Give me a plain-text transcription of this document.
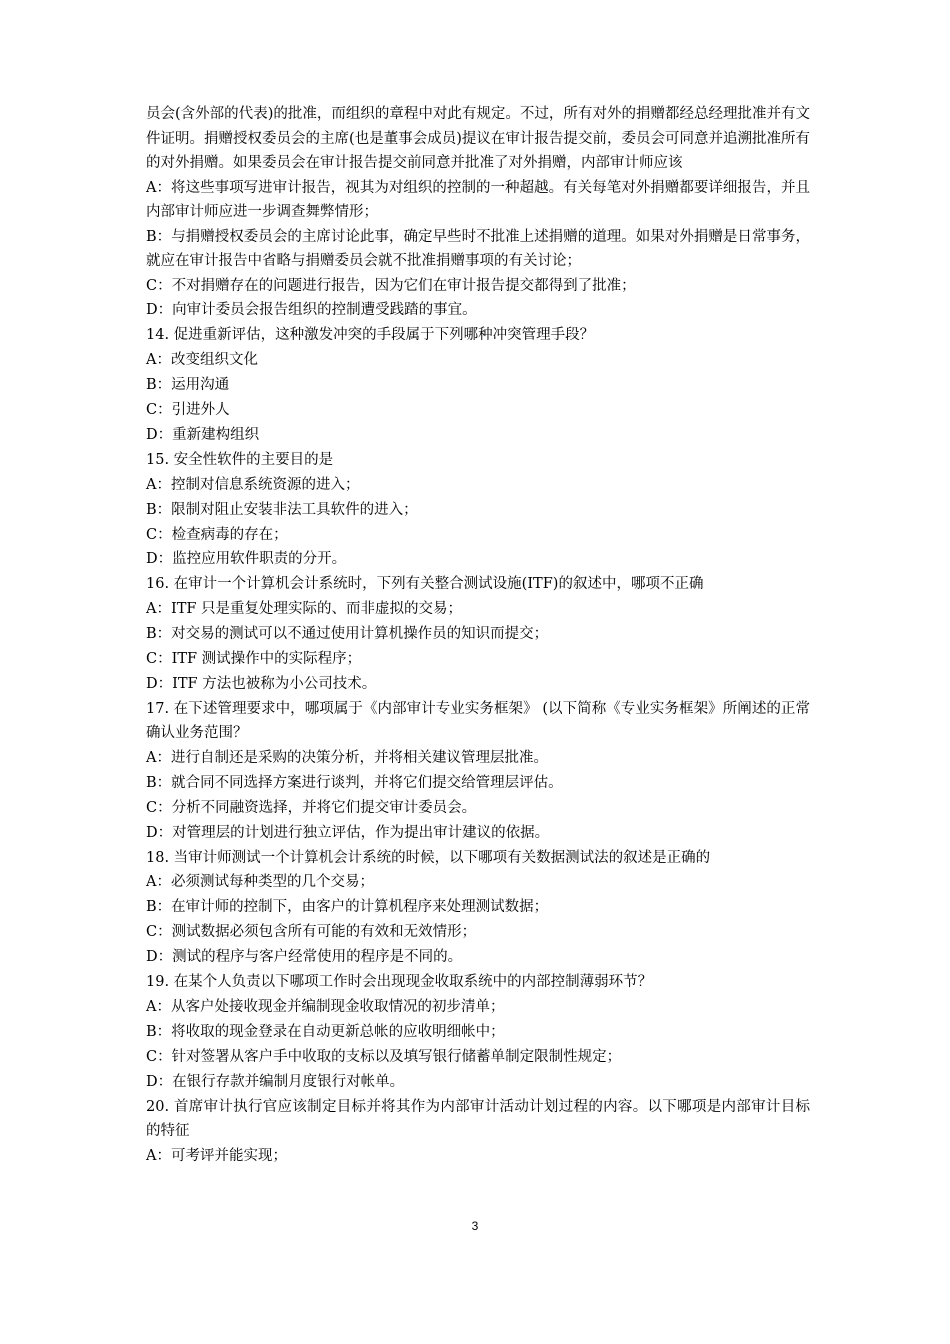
员会(含外部的代表)的批准，而组织的章程中对此有规定。不过，所有对外的捐赠都经总经理批准并有文件证明。捐赠授权委员会的主席(也是董事会成员)提议在审计报告提交前，委员会可同意并追溯批准所有的对外捐赠。如果委员会在审计报告提交前同意并批准了对外捐赠，内部审计师应该

A：将这些事项写进审计报告，视其为对组织的控制的一种超越。有关每笔对外捐赠都要详细报告，并且内部审计师应进一步调查舞弊情形；

B：与捐赠授权委员会的主席讨论此事，确定早些时不批准上述捐赠的道理。如果对外捐赠是日常事务，就应在审计报告中省略与捐赠委员会就不批准捐赠事项的有关讨论；

C：不对捐赠存在的问题进行报告，因为它们在审计报告提交都得到了批准；

D：向审计委员会报告组织的控制遭受践踏的事宜。

14. 促进重新评估，这种激发冲突的手段属于下列哪种冲突管理手段？

A：改变组织文化

B：运用沟通

C：引进外人

D：重新建构组织

15. 安全性软件的主要目的是

A：控制对信息系统资源的进入；

B：限制对阻止安装非法工具软件的进入；

C：检查病毒的存在；

D：监控应用软件职责的分开。

16. 在审计一个计算机会计系统时，下列有关整合测试设施(ITF)的叙述中，哪项不正确

A：ITF 只是重复处理实际的、而非虚拟的交易；

B：对交易的测试可以不通过使用计算机操作员的知识而提交；

C：ITF 测试操作中的实际程序；

D：ITF 方法也被称为小公司技术。

17. 在下述管理要求中，哪项属于《内部审计专业实务框架》 (以下简称《专业实务框架》所阐述的正常确认业务范围？

A：进行自制还是采购的决策分析，并将相关建议管理层批准。

B：就合同不同选择方案进行谈判，并将它们提交给管理层评估。

C：分析不同融资选择，并将它们提交审计委员会。

D：对管理层的计划进行独立评估，作为提出审计建议的依据。

18. 当审计师测试一个计算机会计系统的时候，以下哪项有关数据测试法的叙述是正确的

A：必须测试每种类型的几个交易；

B：在审计师的控制下，由客户的计算机程序来处理测试数据；

C：测试数据必须包含所有可能的有效和无效情形；

D：测试的程序与客户经常使用的程序是不同的。

19. 在某个人负责以下哪项工作时会出现现金收取系统中的内部控制薄弱环节？

A：从客户处接收现金并编制现金收取情况的初步清单；

B：将收取的现金登录在自动更新总帐的应收明细帐中；

C：针对签署从客户手中收取的支标以及填写银行储蓄单制定限制性规定；

D：在银行存款并编制月度银行对帐单。

20. 首席审计执行官应该制定目标并将其作为内部审计活动计划过程的内容。以下哪项是内部审计目标的特征

A：可考评并能实现；

3
